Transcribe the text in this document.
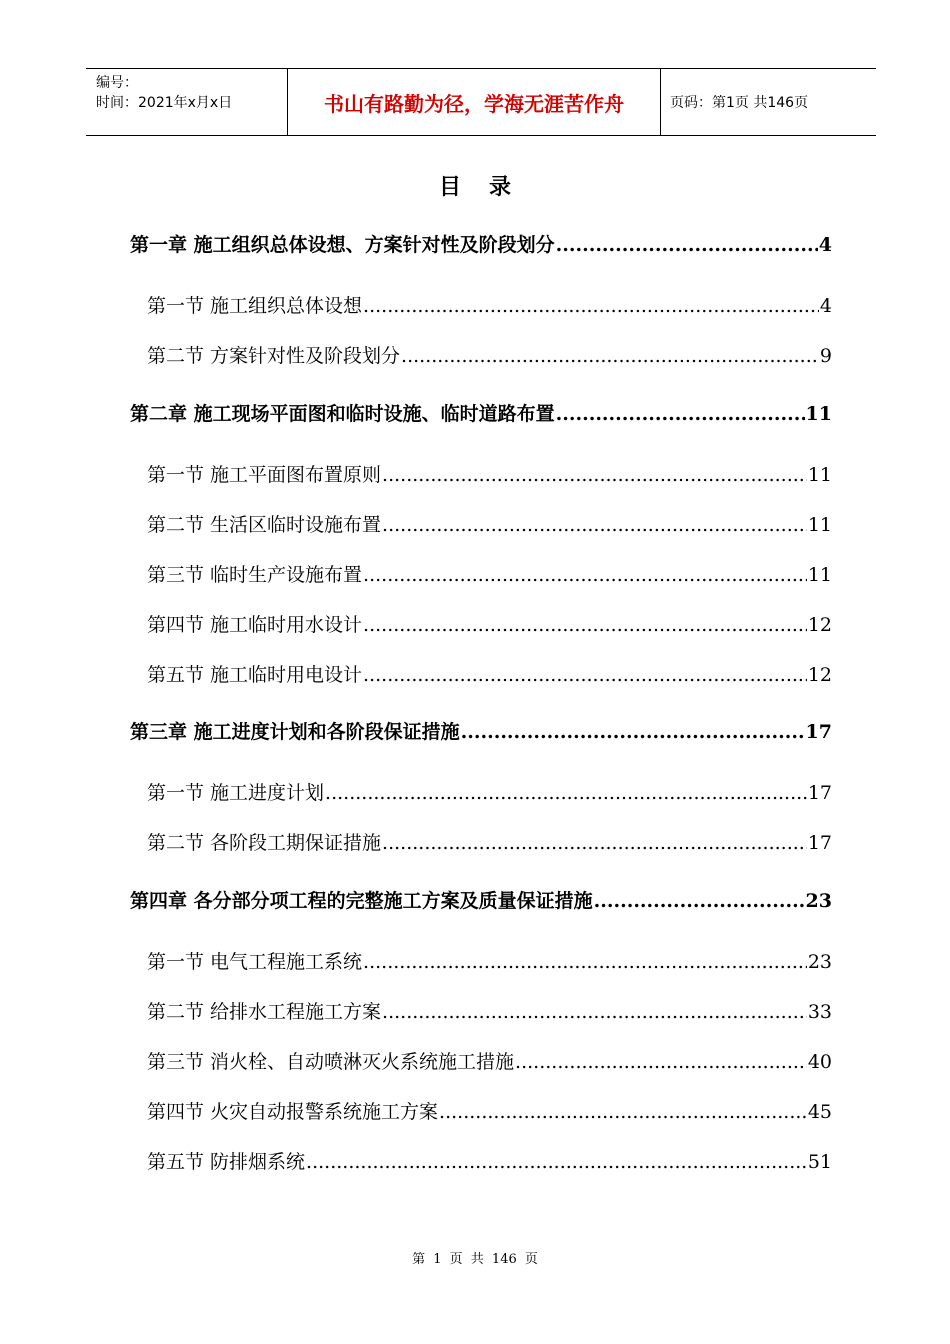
编号：
时间：2021年x月x日	书山有路勤为径，学海无涯苦作舟	页码：第1页 共146页
目录
第一章 施工组织总体设想、方案针对性及阶段划分 .....	4
第一节 施工组织总体设想 .....	4
第二节 方案针对性及阶段划分 .....	9
第二章 施工现场平面图和临时设施、临时道路布置 .....	11
第一节 施工平面图布置原则 .....	11
第二节 生活区临时设施布置 .....	11
第三节 临时生产设施布置 .....	11
第四节 施工临时用水设计 .....	12
第五节 施工临时用电设计 .....	12
第三章 施工进度计划和各阶段保证措施 .....	17
第一节 施工进度计划 .....	17
第二节 各阶段工期保证措施 .....	17
第四章 各分部分项工程的完整施工方案及质量保证措施 .....	23
第一节 电气工程施工系统 .....	23
第二节 给排水工程施工方案 .....	33
第三节 消火栓、自动喷淋灭火系统施工措施 .....	40
第四节 火灾自动报警系统施工方案 .....	45
第五节 防排烟系统 .....	51
第 1 页 共 146 页
